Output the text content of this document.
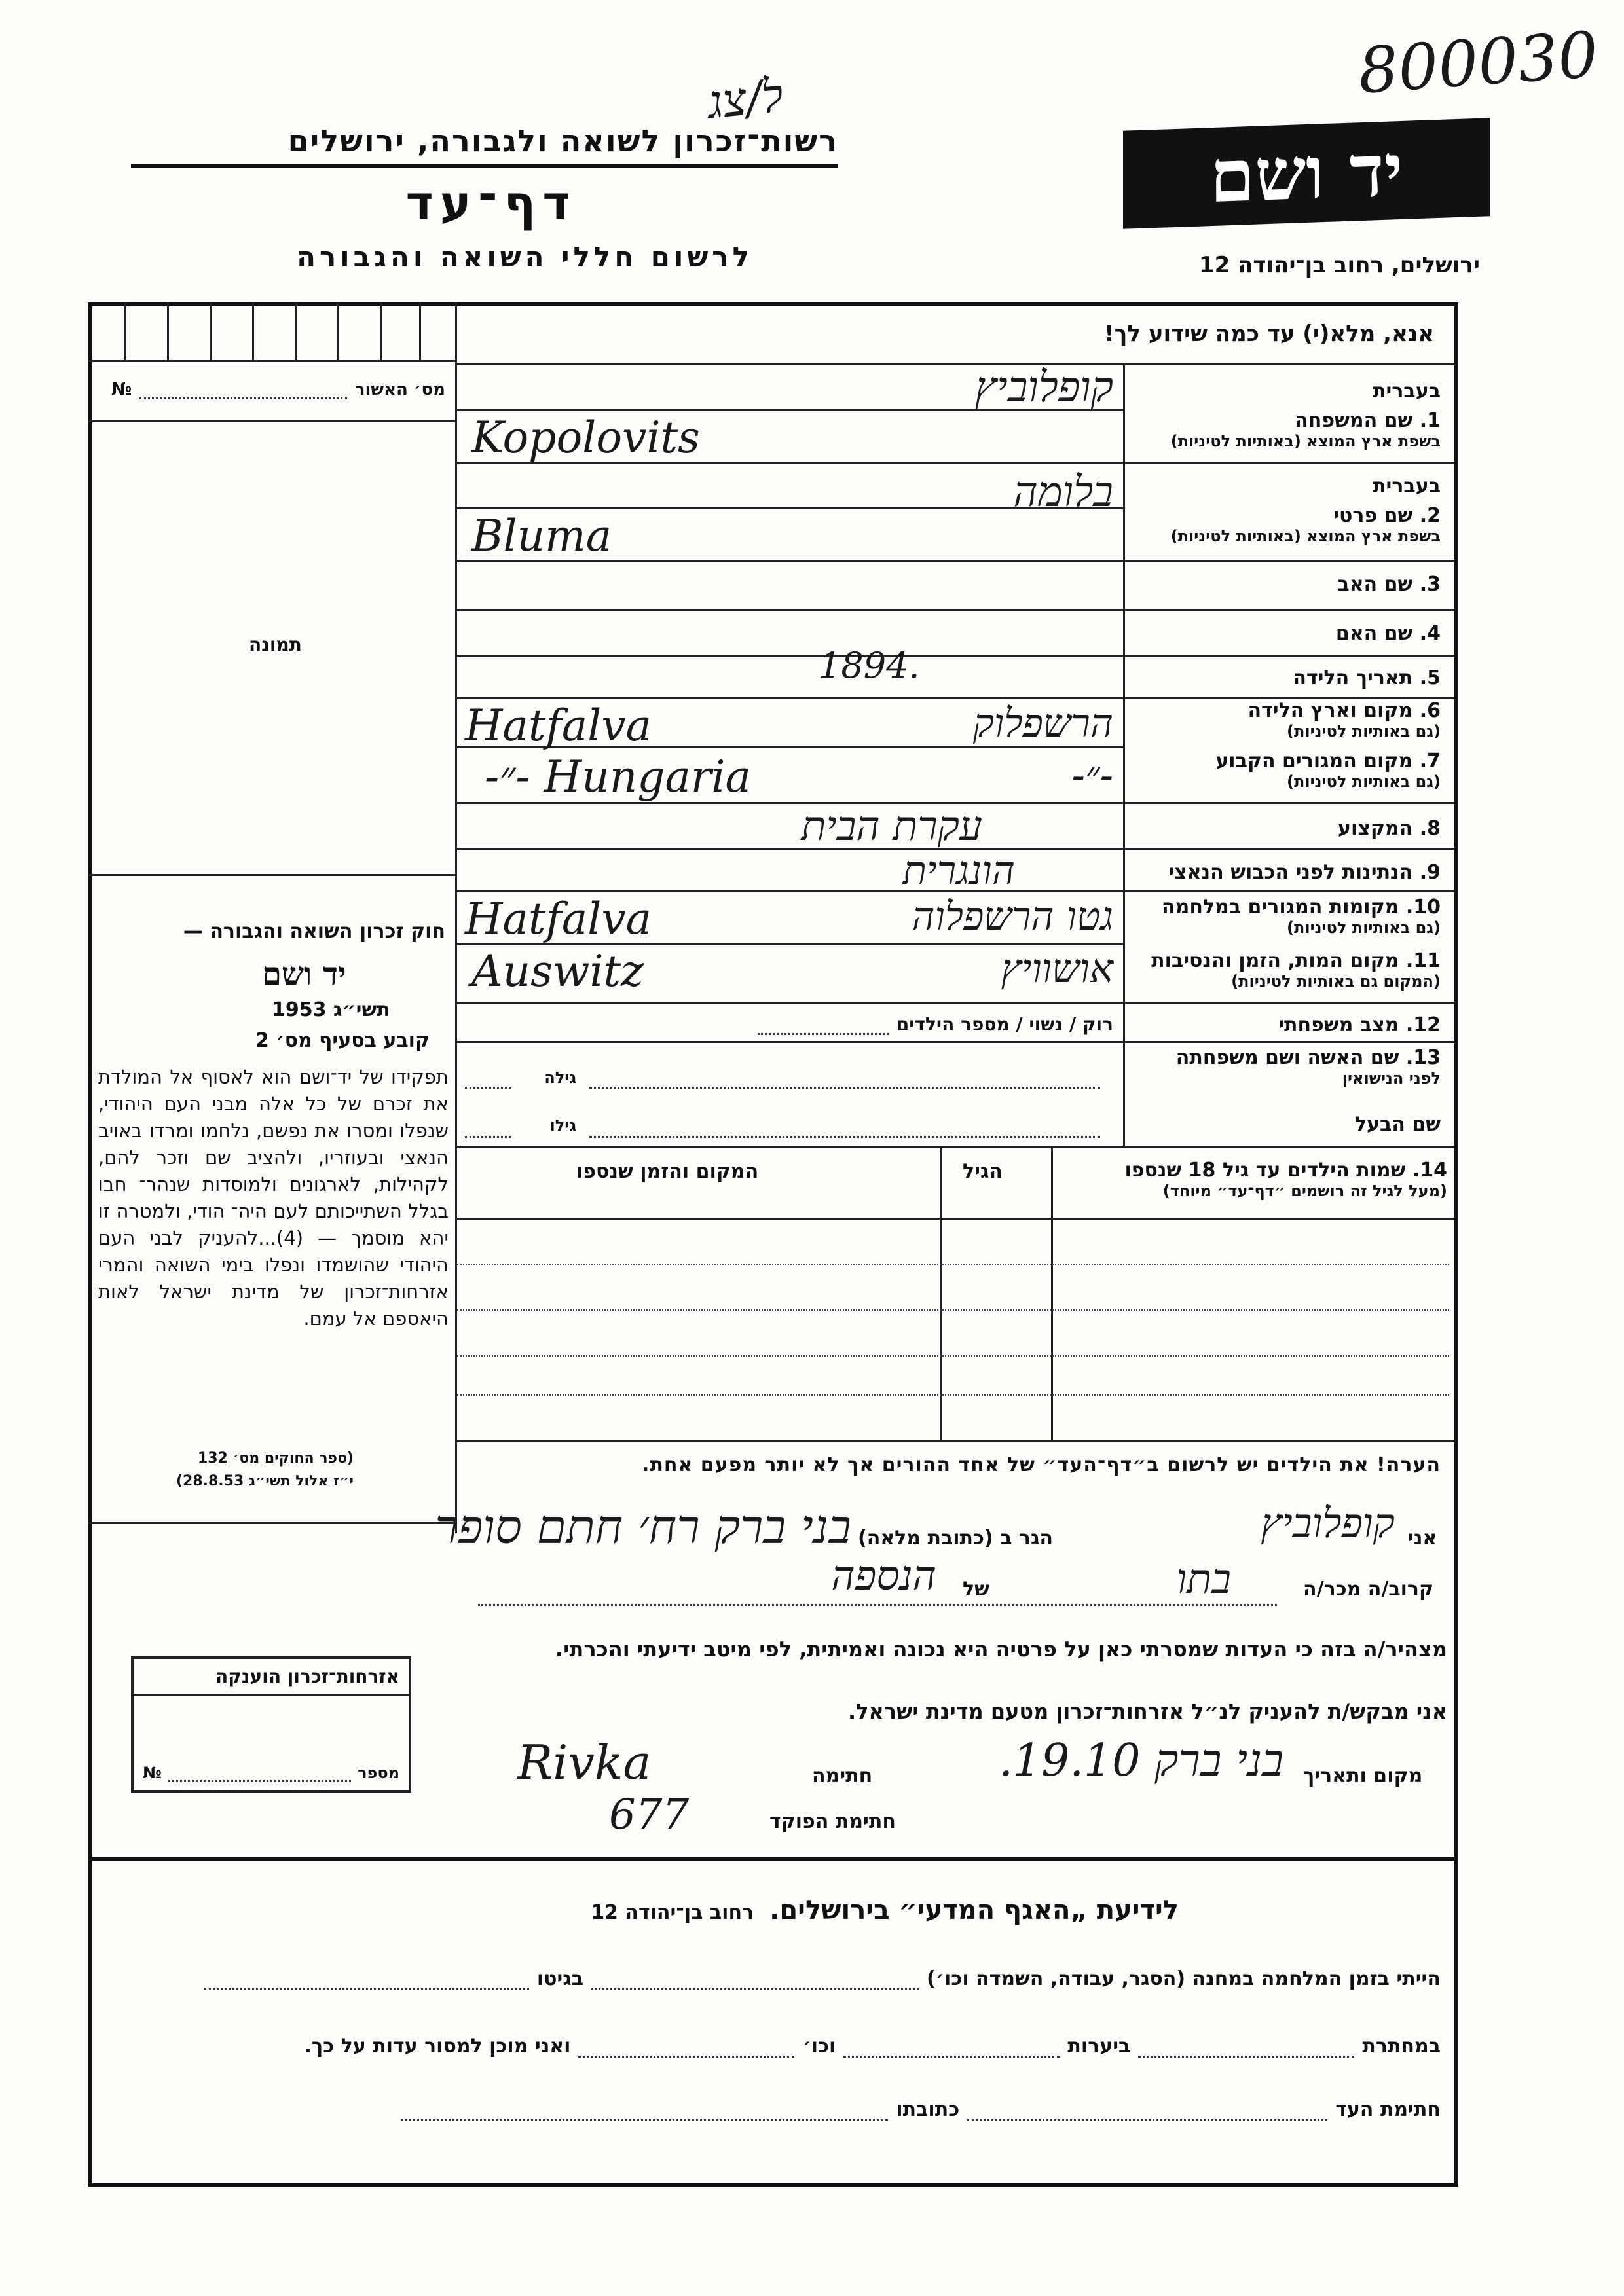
800030
ל/צג
יד ושם
רשות־זכרון לשואה ולגבורה, ירושלים
דף־עד
לרשום חללי השואה והגבורה	ירושלים, רחוב בן־יהודה 12
מס׳ האשור
№
תמונה
חוק זכרון השואה והגבורה —
יד ושם
תשי״ג 1953
קובע בסעיף מס׳ 2
תפקידו של יד־ושם הוא לאסוף אל המולדת את זכרם של כל אלה מבני העם היהודי, שנפלו ומסרו את נפשם, נלחמו ומרדו באויב הנאצי ובעוזריו, ולהציב שם וזכר להם, לקהילות, לארגונים ולמוסדות שנהר־ חבו בגלל השתייכותם לעם היה־ הודי, ולמטרה זו יהא מוסמך — (4)...להעניק לבני העם היהודי שהושמדו ונפלו בימי השואה והמרי אזרחות־זכרון של מדינת ישראל לאות היאספם אל עמם.
(ספר החוקים מס׳ 132
י״ז אלול תשי״ג 28.8.53)
אנא, מלא(י) עד כמה שידוע לך!
בעברית
1. שם המשפחה
בשפת ארץ המוצא (באותיות לטיניות)
קופלוביץ
Kopolovits
בעברית
2. שם פרטי
בשפת ארץ המוצא (באותיות לטיניות)
בלומה
Bluma
3. שם האב
4. שם האם
5. תאריך הלידה
1894.
6. מקום וארץ הלידה
(גם באותיות לטיניות)
הרשפלוק
Hatfalva
7. מקום המגורים הקבוע
(גם באותיות לטיניות)
-״-
-״- Hungaria
8. המקצוע
עקרת הבית
9. הנתינות לפני הכבוש הנאצי
הונגרית
10. מקומות המגורים במלחמה
(גם באותיות לטיניות)
גטו הרשפלוה
Hatfalva
11. מקום המות, הזמן והנסיבות
(המקום גם באותיות לטיניות)
אושוויץ
Auswitz
12. מצב משפחתי
רוק / נשוי / מספר הילדים
13. שם האשה ושם משפחתה
לפני הנישואין
גילה
שם הבעל
גילו
14. שמות הילדים עד גיל 18 שנספו
(מעל לגיל זה רושמים ״דף־עד״ מיוחד)
הגיל
המקום והזמן שנספו
הערה! את הילדים יש לרשום ב״דף־העד״ של אחד ההורים אך לא יותר מפעם אחת.
אני
קופלוביץ
הגר ב (כתובת מלאה)
בני ברק רח׳ חתם סופר
קרוב/ה מכר/ה
בתו
של
הנספה
מצהיר/ה בזה כי העדות שמסרתי כאן על פרטיה היא נכונה ואמיתית, לפי מיטב ידיעתי והכרתי.
אני מבקש/ת להעניק לנ״ל אזרחות־זכרון מטעם מדינת ישראל.
אזרחות־זכרון הוענקה
מספר
№	מקום ותאריך
בני ברק 19.10.
חתימה
Rivka
חתימת הפוקד
677
לידיעת „האגף המדעי״ בירושלים.
רחוב בן־יהודה 12
הייתי בזמן המלחמה במחנה (הסגר, עבודה, השמדה וכו׳)
בגיטו
במחתרת
ביערות
וכו׳
ואני מוכן למסור עדות על כך.
חתימת העד
כתובתו
